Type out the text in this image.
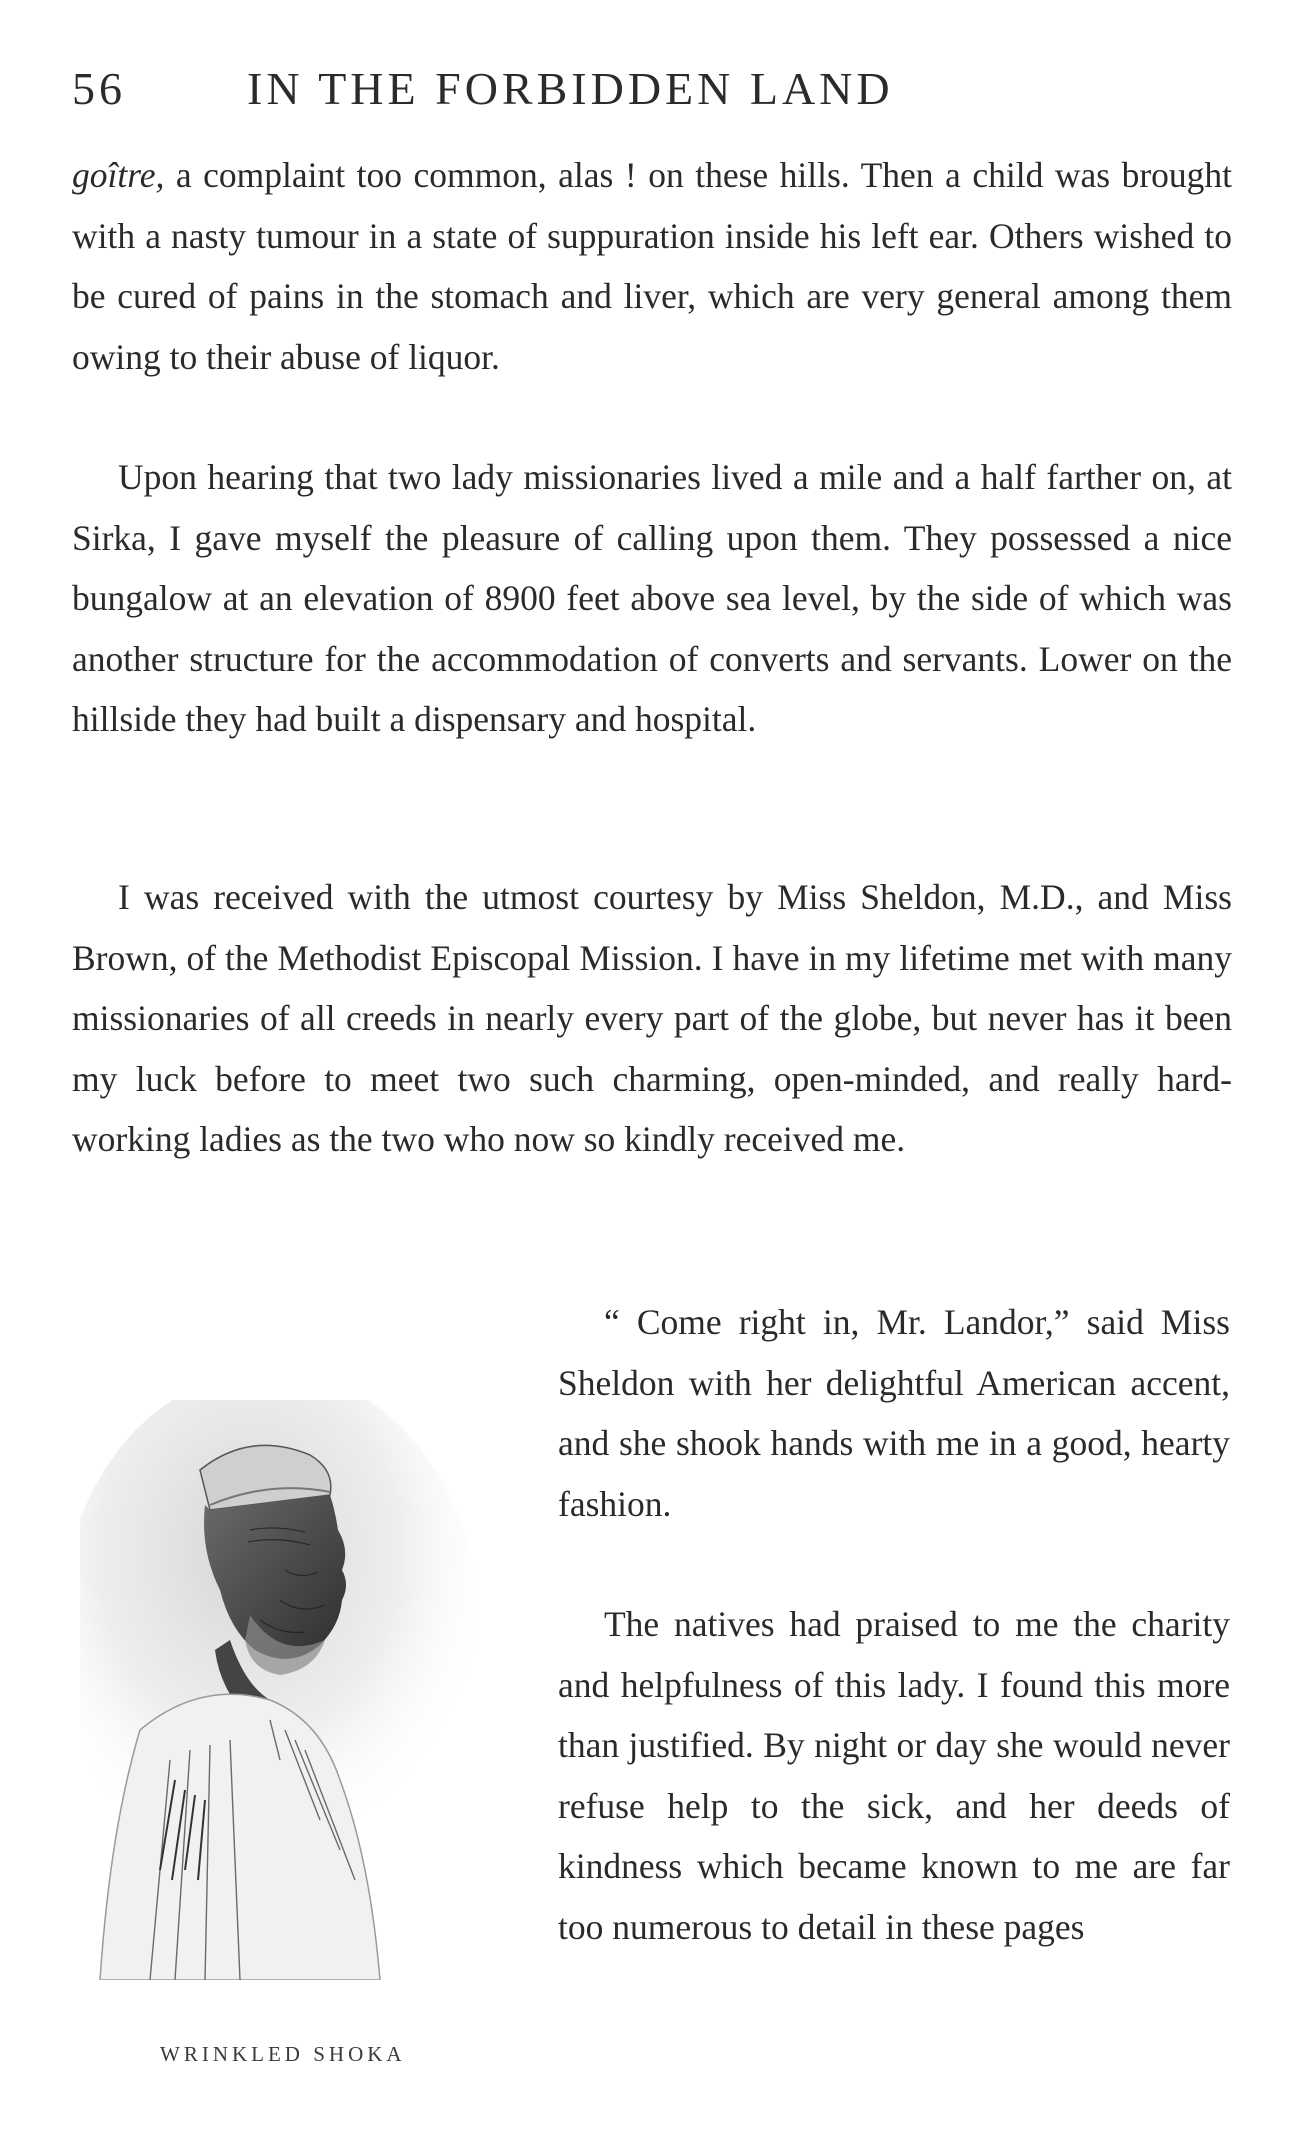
56	IN THE FORBIDDEN LAND

goître, a complaint too common, alas ! on these hills. Then a child was brought with a nasty tumour in a state of suppuration inside his left ear. Others wished to be cured of pains in the stomach and liver, which are very general among them owing to their abuse of liquor.

Upon hearing that two lady missionaries lived a mile and a half farther on, at Sirka, I gave myself the pleasure of calling upon them. They possessed a nice bungalow at an elevation of 8900 feet above sea level, by the side of which was another structure for the accommodation of converts and servants. Lower on the hillside they had built a dispensary and hospital.

I was received with the utmost courtesy by Miss Sheldon, M.D., and Miss Brown, of the Methodist Episcopal Mission. I have in my lifetime met with many missionaries of all creeds in nearly every part of the globe, but never has it been my luck before to meet two such charming, open-minded, and really hard-working ladies as the two who now so kindly received me.

“ Come right in, Mr. Landor,” said Miss Sheldon with her delightful American accent, and she shook hands with me in a good, hearty fashion.

The natives had praised to me the charity and helpfulness of this lady. I found this more than justified. By night or day she would never refuse help to the sick, and her deeds of kindness which became known to me are far too numerous to detail in these pages

WRINKLED SHOKA
